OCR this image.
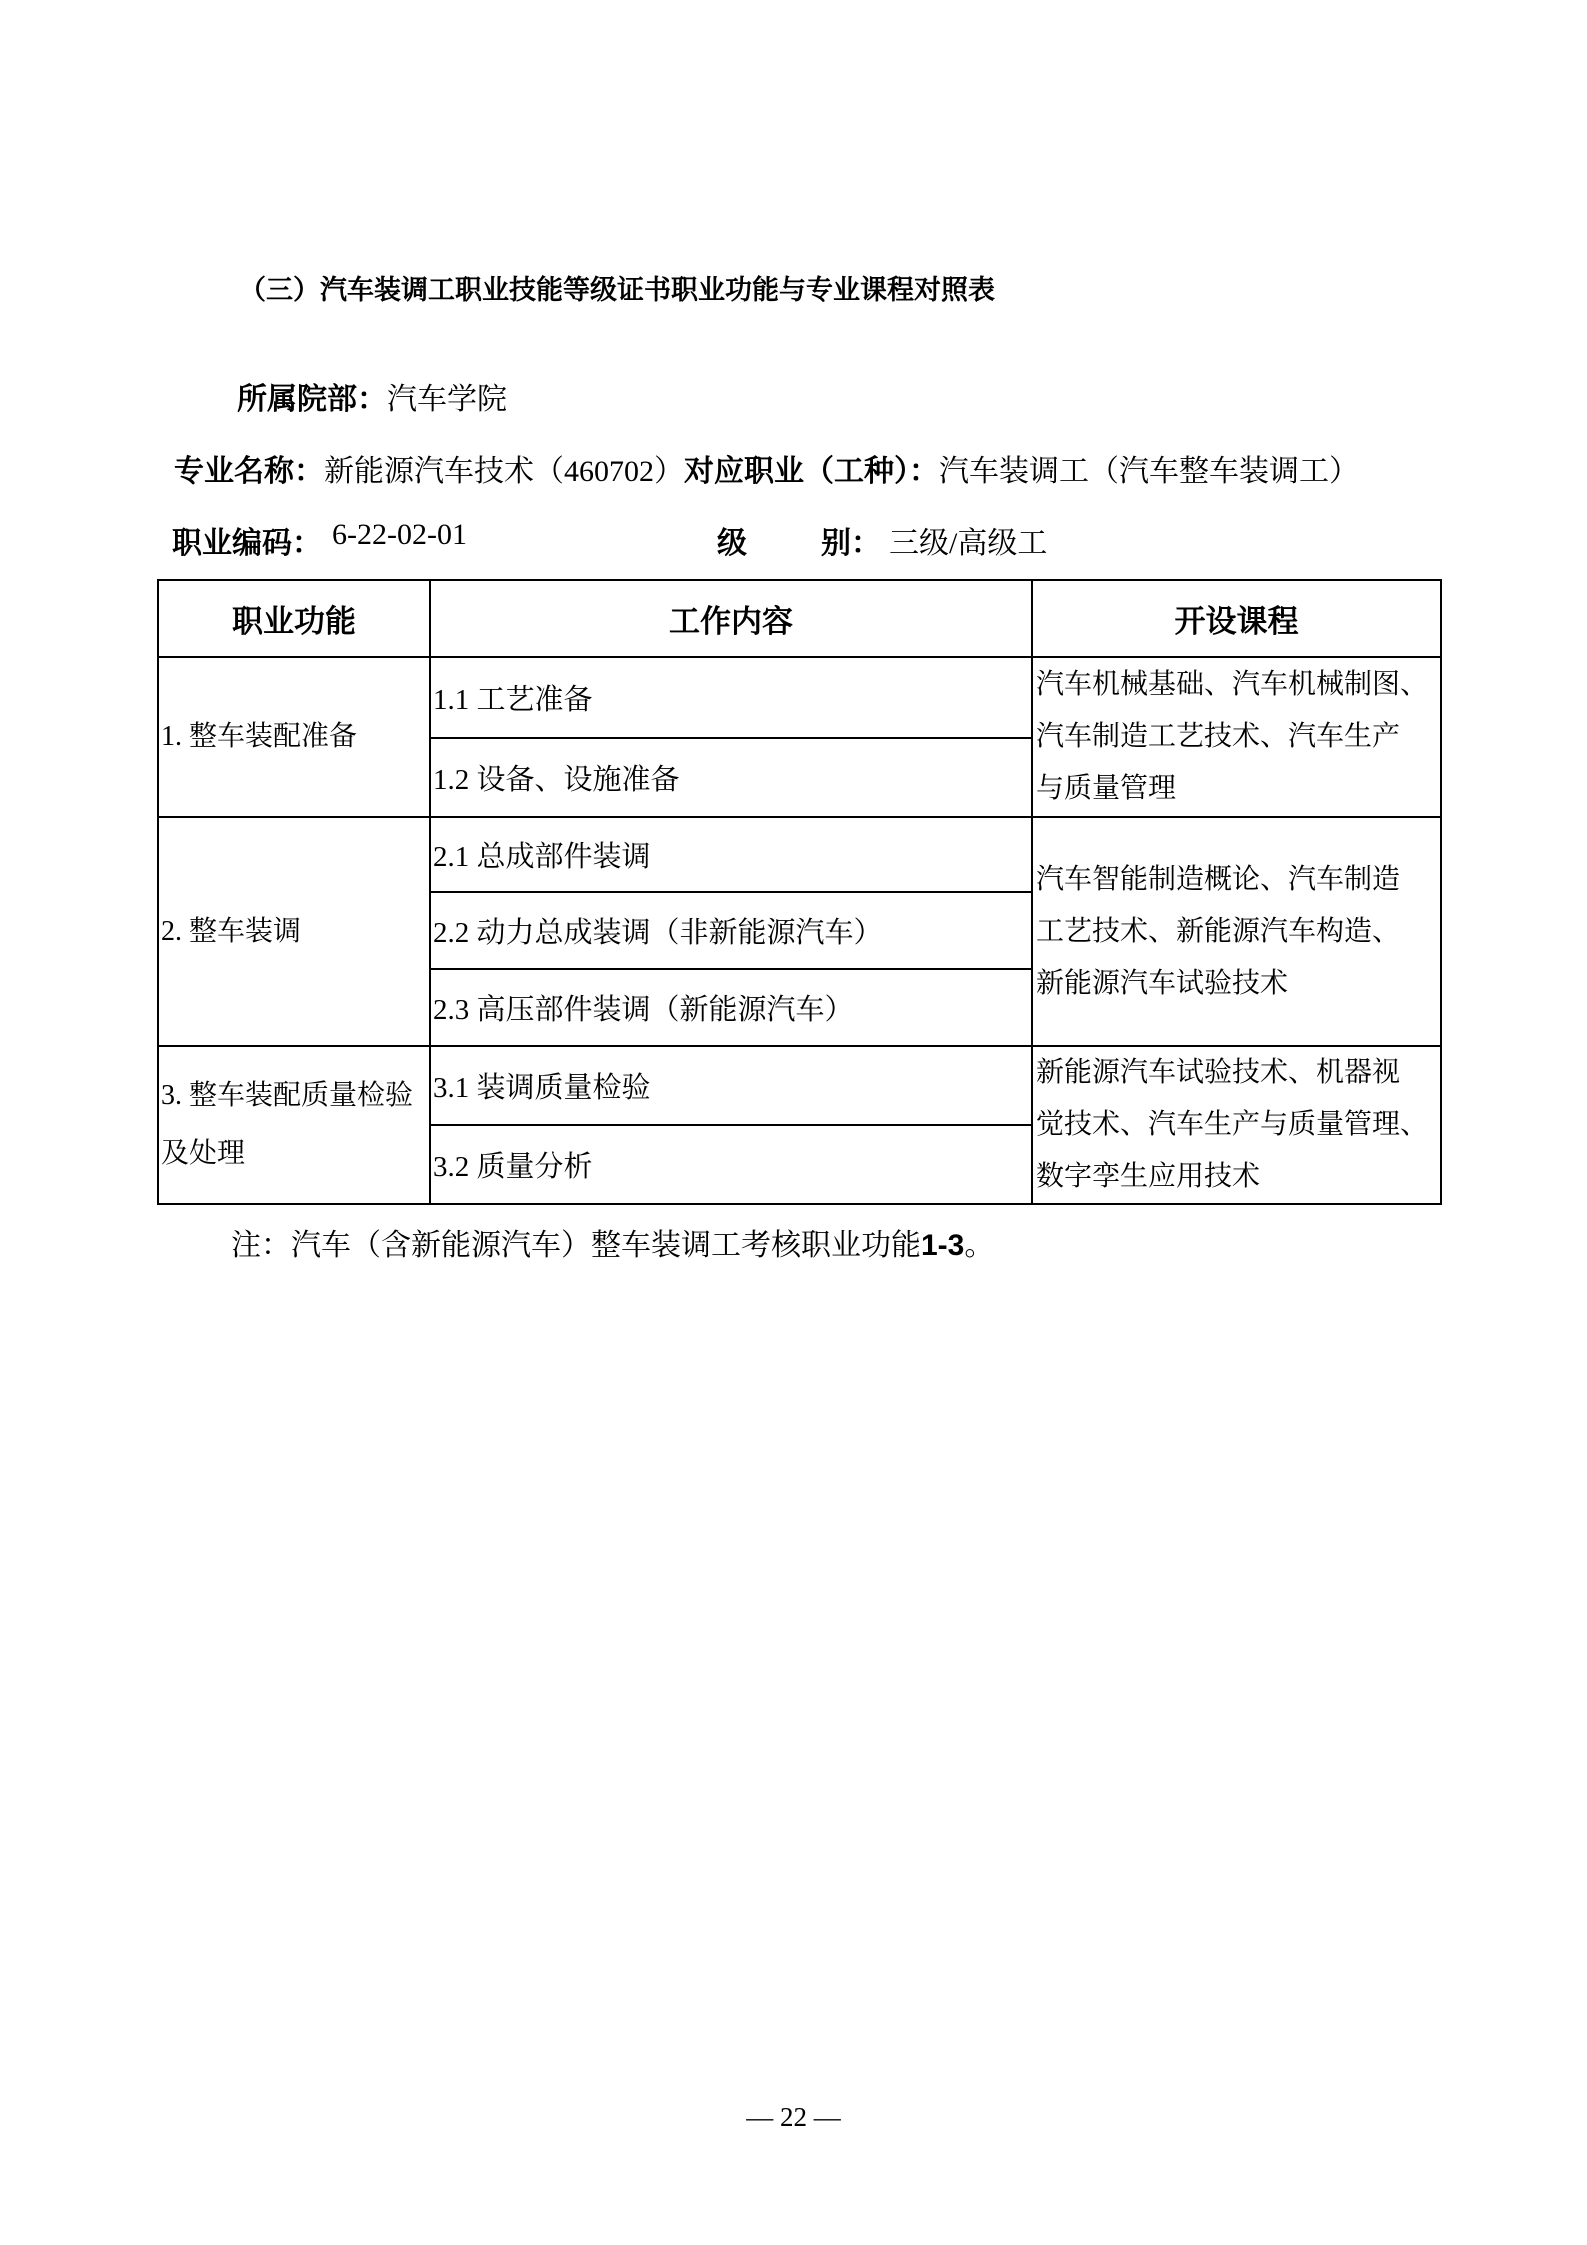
（三）汽车装调工职业技能等级证书职业功能与专业课程对照表
所属院部：汽车学院
专业名称：新能源汽车技术（460702）对应职业（工种）：汽车装调工（汽车整车装调工）
职业编码： 6-22-02-01	级 别： 三级/高级工
职业功能	工作内容	开设课程
1. 整车装配准备	1.1 工艺准备	汽车机械基础、汽车机械制图、
汽车制造工艺技术、汽车生产
与质量管理

	1.2 设备、设施准备	
2. 整车装调	2.1 总成部件装调	汽车智能制造概论、汽车制造
工艺技术、新能源汽车构造、
新能源汽车试验技术

	2.2 动力总成装调（非新能源汽车）	
	2.3 高压部件装调（新能源汽车）	
3. 整车装配质量检验及处理	3.1 装调质量检验	新能源汽车试验技术、机器视
觉技术、汽车生产与质量管理、
数字孪生应用技术

	3.2 质量分析	
注：汽车（含新能源汽车）整车装调工考核职业功能1-3。
— 22 —
